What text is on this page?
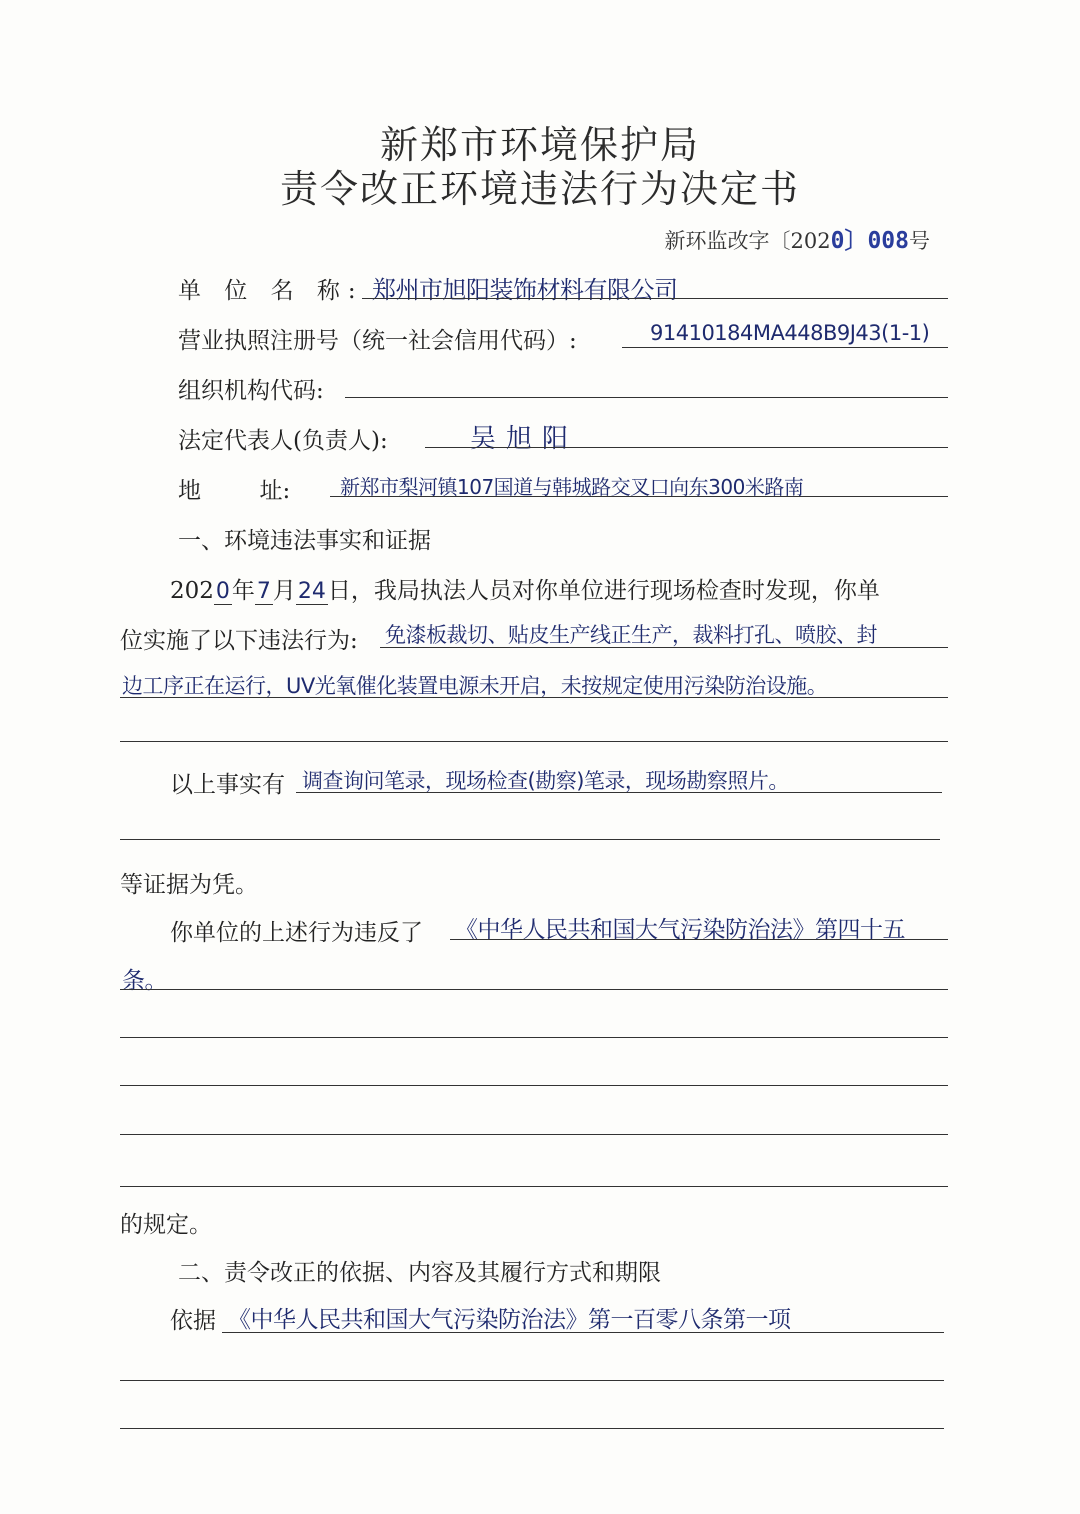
新郑市环境保护局
责令改正环境违法行为决定书
新环监改字〔2020〕008号
单 位 名 称: 郑州市旭阳装饰材料有限公司
营业执照注册号（统一社会信用代码）:	91410184MA448B9J43(1-1)
组织机构代码:
法定代表人(负责人):	吴旭阳
地        址: 新郑市梨河镇107国道与韩城路交叉口向东300米路南
一、环境违法事实和证据
2020年7月24日，我局执法人员对你单位进行现场检查时发现，你单
位实施了以下违法行为: 免漆板裁切、贴皮生产线正生产，裁料打孔、喷胶、封
边工序正在运行，UV光氧催化装置电源未开启，未按规定使用污染防治设施。
以上事实有 调查询问笔录，现场检查(勘察)笔录，现场勘察照片。
等证据为凭。
你单位的上述行为违反了 《中华人民共和国大气污染防治法》第四十五
条。
的规定。
二、责令改正的依据、内容及其履行方式和期限
依据 《中华人民共和国大气污染防治法》第一百零八条第一项
